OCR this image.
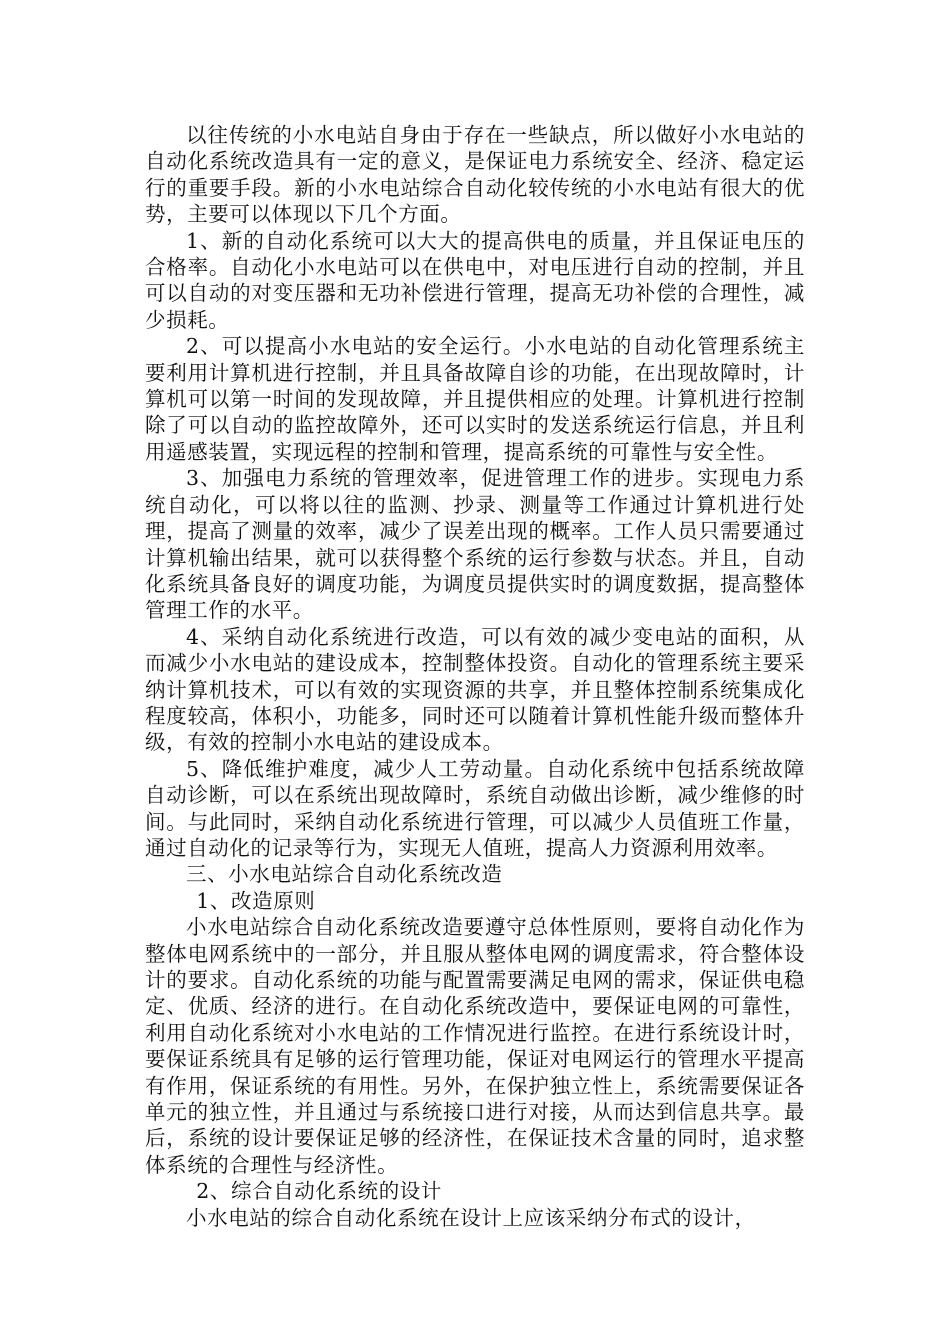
以往传统的小水电站自身由于存在一些缺点，所以做好小水电站的自动化系统改造具有一定的意义，是保证电力系统安全、经济、稳定运行的重要手段。新的小水电站综合自动化较传统的小水电站有很大的优势，主要可以体现以下几个方面。

1、新的自动化系统可以大大的提高供电的质量，并且保证电压的合格率。自动化小水电站可以在供电中，对电压进行自动的控制，并且可以自动的对变压器和无功补偿进行管理，提高无功补偿的合理性，减少损耗。

2、可以提高小水电站的安全运行。小水电站的自动化管理系统主要利用计算机进行控制，并且具备故障自诊的功能，在出现故障时，计算机可以第一时间的发现故障，并且提供相应的处理。计算机进行控制除了可以自动的监控故障外，还可以实时的发送系统运行信息，并且利用遥感装置，实现远程的控制和管理，提高系统的可靠性与安全性。

3、加强电力系统的管理效率，促进管理工作的进步。实现电力系统自动化，可以将以往的监测、抄录、测量等工作通过计算机进行处理，提高了测量的效率，减少了误差出现的概率。工作人员只需要通过计算机输出结果，就可以获得整个系统的运行参数与状态。并且，自动化系统具备良好的调度功能，为调度员提供实时的调度数据，提高整体管理工作的水平。

4、采纳自动化系统进行改造，可以有效的减少变电站的面积，从而减少小水电站的建设成本，控制整体投资。自动化的管理系统主要采纳计算机技术，可以有效的实现资源的共享，并且整体控制系统集成化程度较高，体积小，功能多，同时还可以随着计算机性能升级而整体升级，有效的控制小水电站的建设成本。

5、降低维护难度，减少人工劳动量。自动化系统中包括系统故障自动诊断，可以在系统出现故障时，系统自动做出诊断，减少维修的时间。与此同时，采纳自动化系统进行管理，可以减少人员值班工作量，通过自动化的记录等行为，实现无人值班，提高人力资源利用效率。

三、小水电站综合自动化系统改造

1、改造原则

小水电站综合自动化系统改造要遵守总体性原则，要将自动化作为整体电网系统中的一部分，并且服从整体电网的调度需求，符合整体设计的要求。自动化系统的功能与配置需要满足电网的需求，保证供电稳定、优质、经济的进行。在自动化系统改造中，要保证电网的可靠性，利用自动化系统对小水电站的工作情况进行监控。在进行系统设计时，要保证系统具有足够的运行管理功能，保证对电网运行的管理水平提高有作用，保证系统的有用性。另外，在保护独立性上，系统需要保证各单元的独立性，并且通过与系统接口进行对接，从而达到信息共享。最后，系统的设计要保证足够的经济性，在保证技术含量的同时，追求整体系统的合理性与经济性。

2、综合自动化系统的设计

小水电站的综合自动化系统在设计上应该采纳分布式的设计，
